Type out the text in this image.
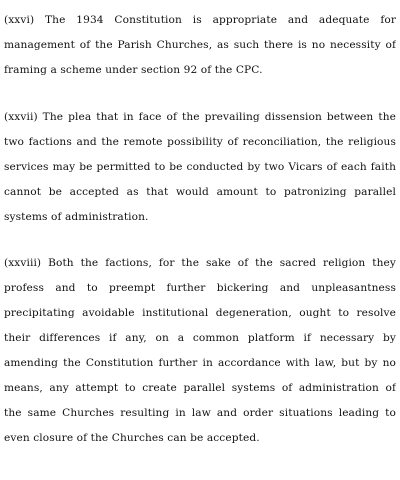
(xxvi) The 1934 Constitution is appropriate and adequate for
management of the Parish Churches, as such there is no necessity of
framing a scheme under section 92 of the CPC.
(xxvii) The plea that in face of the prevailing dissension between the
two factions and the remote possibility of reconciliation, the religious
services may be permitted to be conducted by two Vicars of each faith
cannot be accepted as that would amount to patronizing parallel
systems of administration.
(xxviii) Both the factions, for the sake of the sacred religion they
profess and to preempt further bickering and unpleasantness
precipitating avoidable institutional degeneration, ought to resolve
their differences if any, on a common platform if necessary by
amending the Constitution further in accordance with law, but by no
means, any attempt to create parallel systems of administration of
the same Churches resulting in law and order situations leading to
even closure of the Churches can be accepted.
